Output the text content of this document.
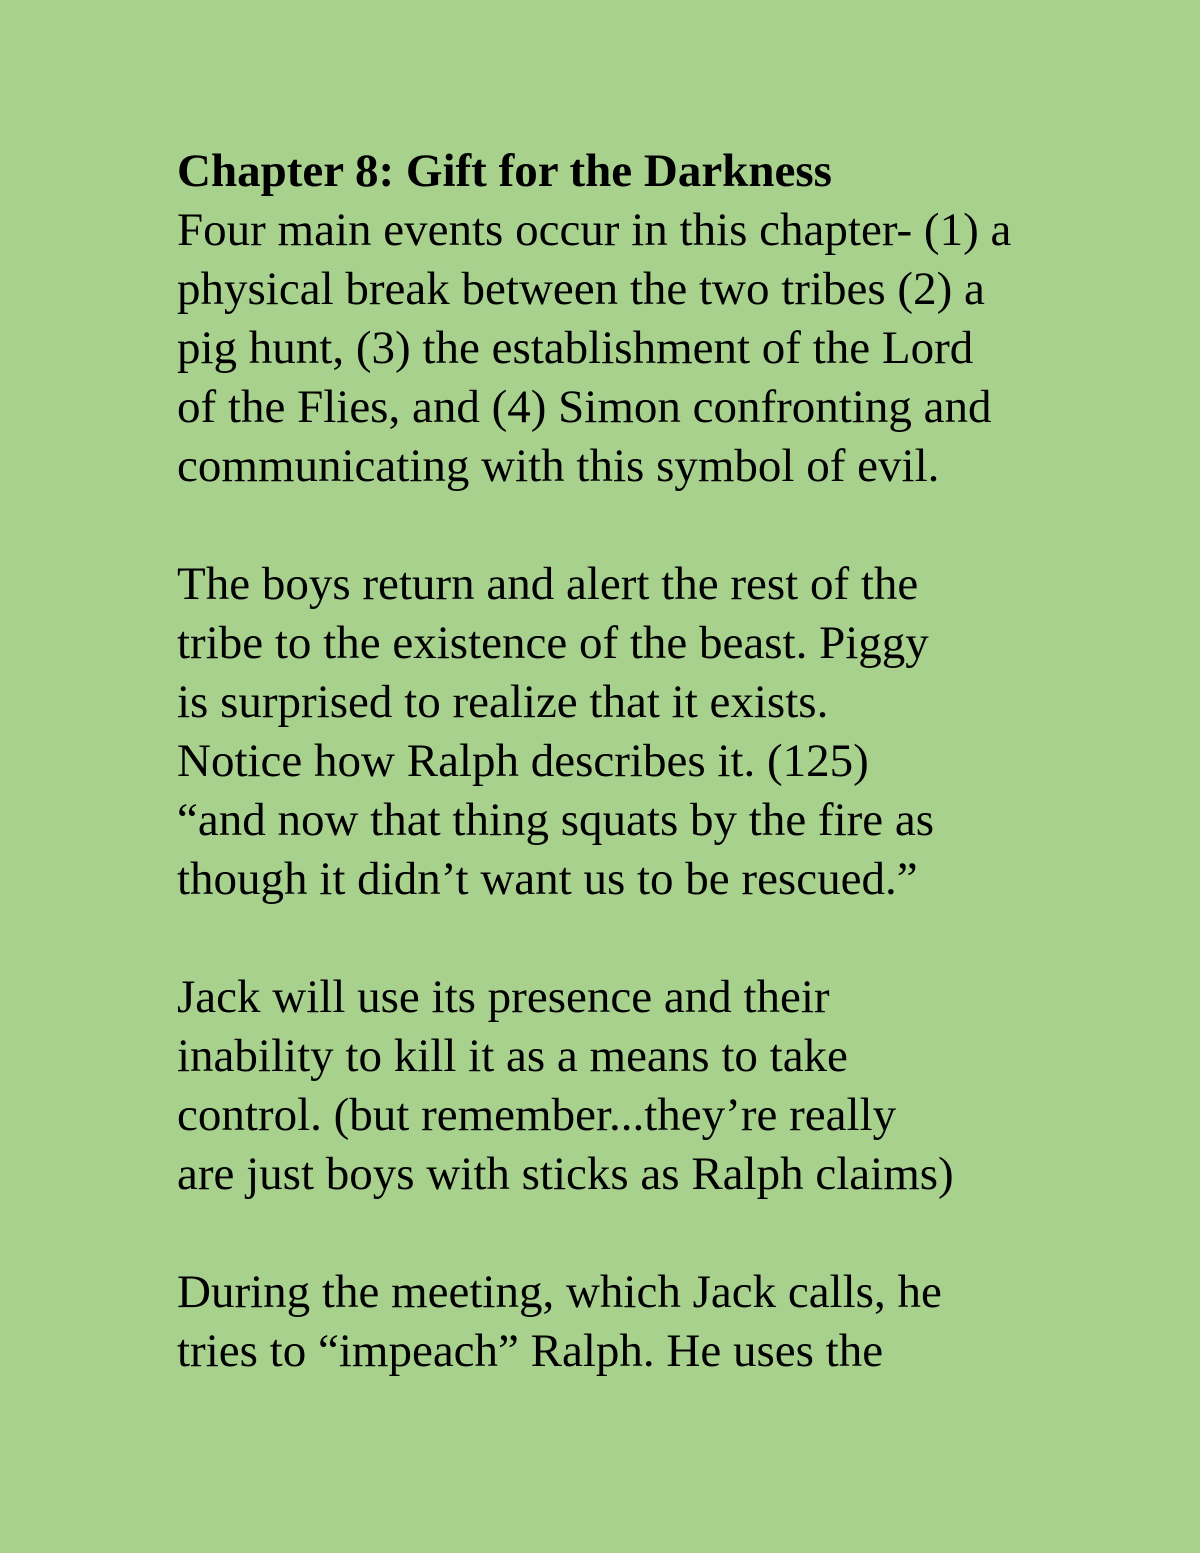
Chapter 8: Gift for the Darkness
Four main events occur in this chapter- (1) a
physical break between the two tribes (2) a
pig hunt, (3) the establishment of the Lord
of the Flies, and (4) Simon confronting and
communicating with this symbol of evil.
The boys return and alert the rest of the
tribe to the existence of the beast. Piggy
is surprised to realize that it exists.
Notice how Ralph describes it. (125)
“and now that thing squats by the fire as
though it didn’t want us to be rescued.”
Jack will use its presence and their
inability to kill it as a means to take
control. (but remember...they’re really
are just boys with sticks as Ralph claims)
During the meeting, which Jack calls, he
tries to “impeach” Ralph. He uses the
